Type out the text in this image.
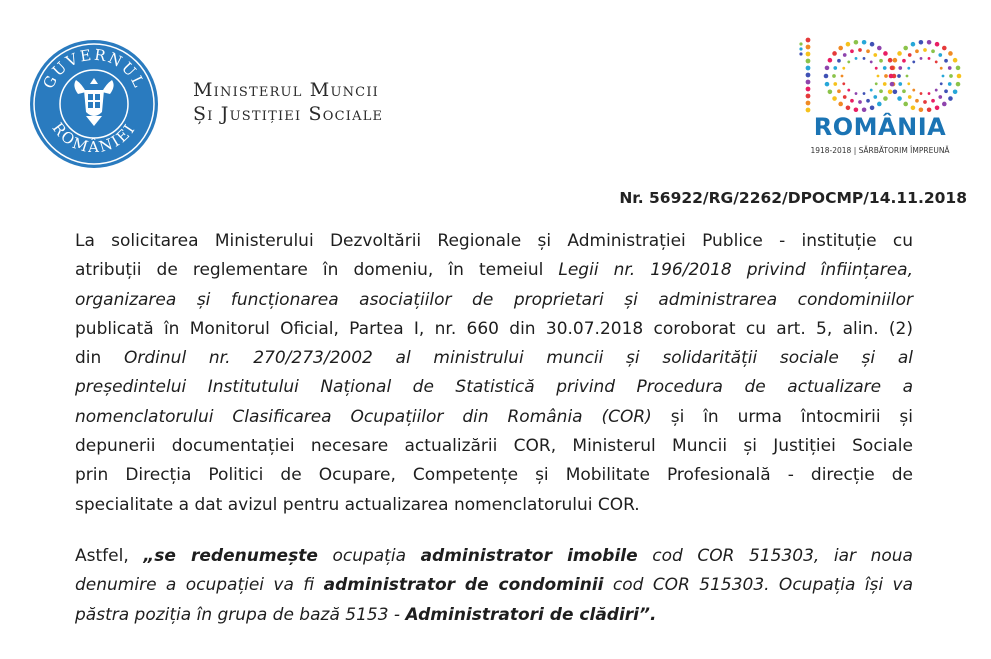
GUVERNUL
ROMÂNIEI
Ministerul Muncii
Și Justiției Sociale	ROMÂNIA
1918-2018 | SĂRBĂTORIM ÎMPREUNĂ
Nr. 56922/RG/2262/DPOCMP/14.11.2018

La solicitarea Ministerului Dezvoltării Regionale și Administrației Publice - instituție cu
atribuții de reglementare în domeniu, în temeiul Legii nr. 196/2018 privind înființarea,
organizarea și funcționarea asociațiilor de proprietari și administrarea condominiilor
publicată în Monitorul Oficial, Partea I, nr. 660 din 30.07.2018 coroborat cu art. 5, alin. (2)
din Ordinul nr. 270/273/2002 al ministrului muncii și solidarității sociale și al
președintelui Institutului Național de Statistică privind Procedura de actualizare a
nomenclatorului Clasificarea Ocupațiilor din România (COR) și în urma întocmirii și
depunerii documentației necesare actualizării COR, Ministerul Muncii și Justiției Sociale
prin Direcția Politici de Ocupare, Competențe și Mobilitate Profesională - direcție de
specialitate a dat avizul pentru actualizarea nomenclatorului COR.

Astfel, „se redenumește ocupația administrator imobile cod COR 515303, iar noua
denumire a ocupației va fi administrator de condominii cod COR 515303. Ocupația își va
păstra poziția în grupa de bază 5153 - Administratori de clădiri”.
